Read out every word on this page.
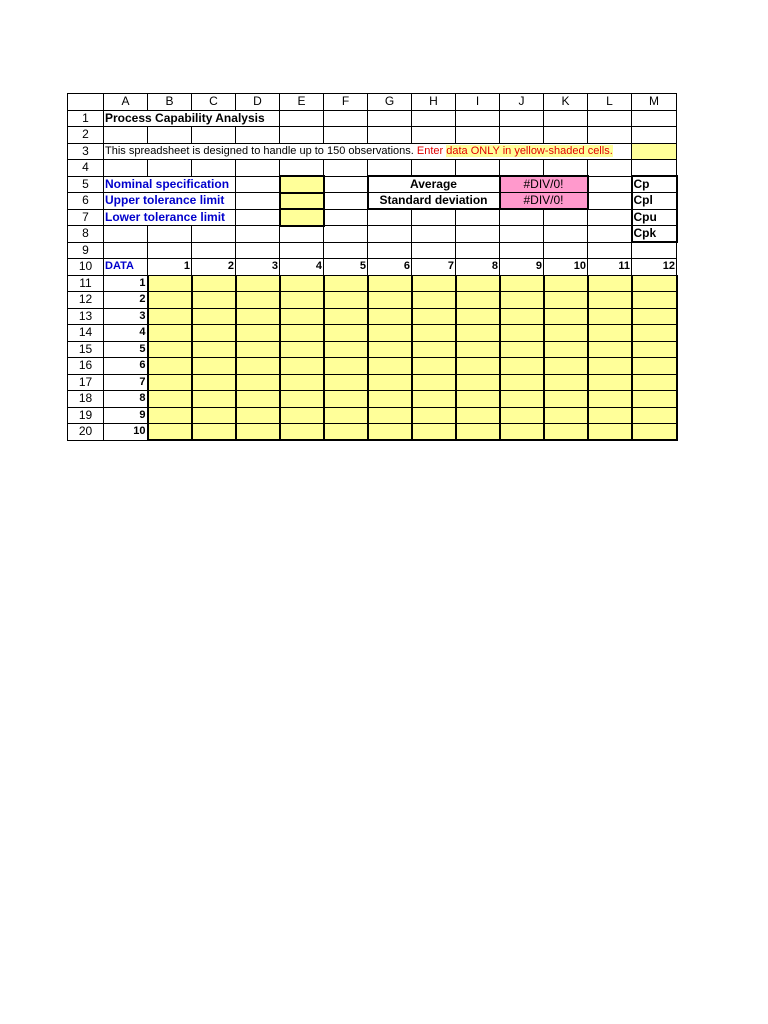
	A	B	C	D	E	F	G	H	I	J	K	L	M
1	Process Capability Analysis												
2													
3	This spreadsheet is designed to handle up to 150 observations. Enter data ONLY in yellow-shaded cells.												
4													
5	Nominal specification						Average			#DIV/0!			Cp
6	Upper tolerance limit						Standard deviation			#DIV/0!			Cpl
7	Lower tolerance limit												Cpu
8													Cpk
9													
10	DATA	1	2	3	4	5	6	7	8	9	10	11	12
11	1												
12	2												
13	3												
14	4												
15	5												
16	6												
17	7												
18	8												
19	9												
20	10												
